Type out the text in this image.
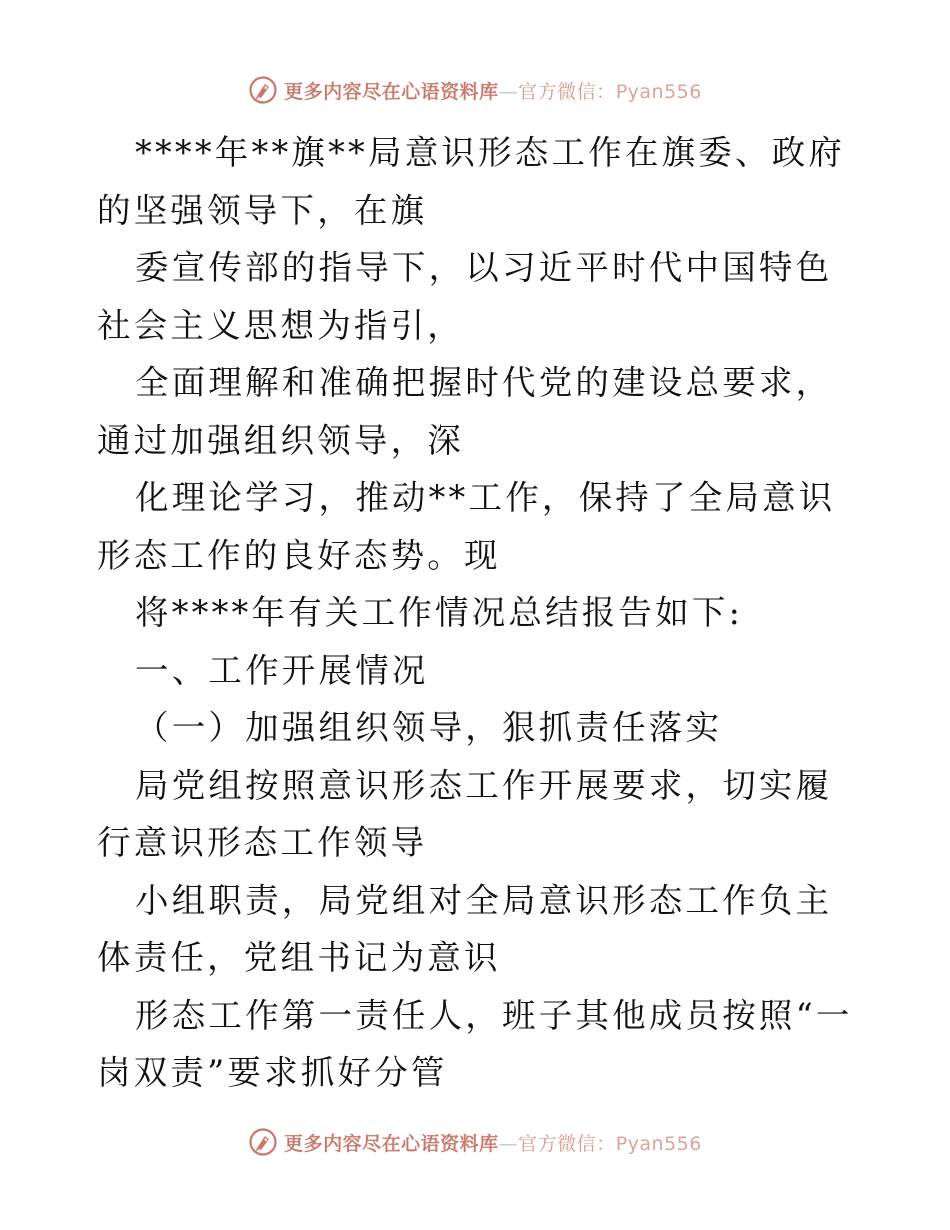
更多内容尽在心语资料库—官方微信：Pyan556

****年**旗**局意识形态工作在旗委、政府的坚强领导下，在旗

委宣传部的指导下，以习近平时代中国特色社会主义思想为指引，

全面理解和准确把握时代党的建设总要求，通过加强组织领导，深

化理论学习，推动**工作，保持了全局意识形态工作的良好态势。现

将****年有关工作情况总结报告如下:

一、工作开展情况

（一）加强组织领导，狠抓责任落实

局党组按照意识形态工作开展要求，切实履行意识形态工作领导

小组职责，局党组对全局意识形态工作负主体责任，党组书记为意识

形态工作第一责任人，班子其他成员按照“一岗双责”要求抓好分管

更多内容尽在心语资料库—官方微信：Pyan556
